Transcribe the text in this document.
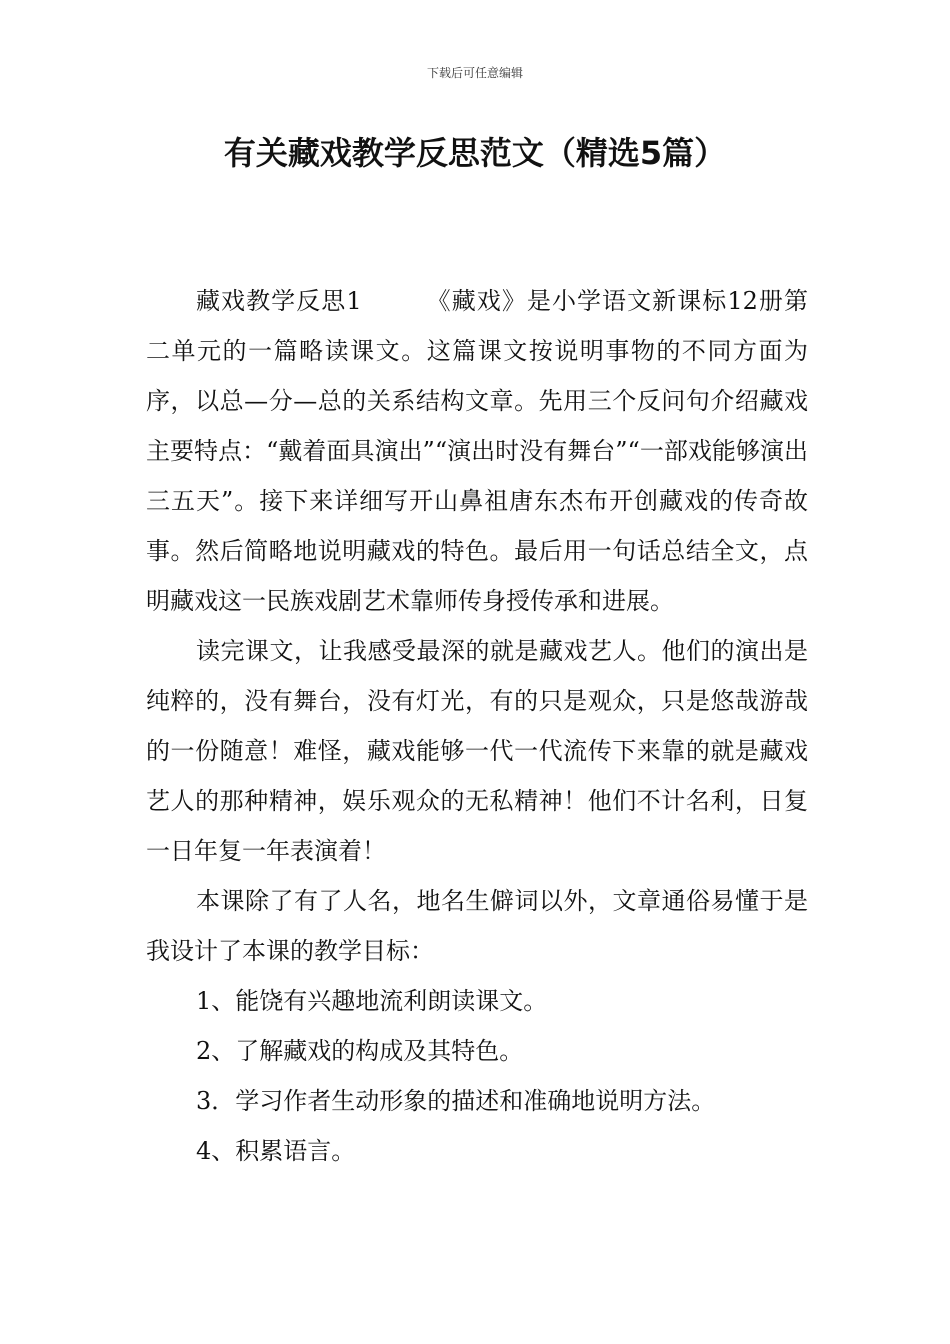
下载后可任意编辑
有关藏戏教学反思范文（精选5篇）

藏戏教学反思1	《藏戏》是小学语文新课标12册第二单元的一篇略读课文。这篇课文按说明事物的不同方面为序，以总—分—总的关系结构文章。先用三个反问句介绍藏戏主要特点：“戴着面具演出”“演出时没有舞台”“一部戏能够演出三五天”。接下来详细写开山鼻祖唐东杰布开创藏戏的传奇故事。然后简略地说明藏戏的特色。最后用一句话总结全文，点明藏戏这一民族戏剧艺术靠师传身授传承和进展。

读完课文，让我感受最深的就是藏戏艺人。他们的演出是纯粹的，没有舞台，没有灯光，有的只是观众，只是悠哉游哉的一份随意！难怪，藏戏能够一代一代流传下来靠的就是藏戏艺人的那种精神，娱乐观众的无私精神！他们不计名利，日复一日年复一年表演着！

本课除了有了人名，地名生僻词以外，文章通俗易懂于是我设计了本课的教学目标：

1、能饶有兴趣地流利朗读课文。

2、了解藏戏的构成及其特色。

3．学习作者生动形象的描述和准确地说明方法。

4、积累语言。
